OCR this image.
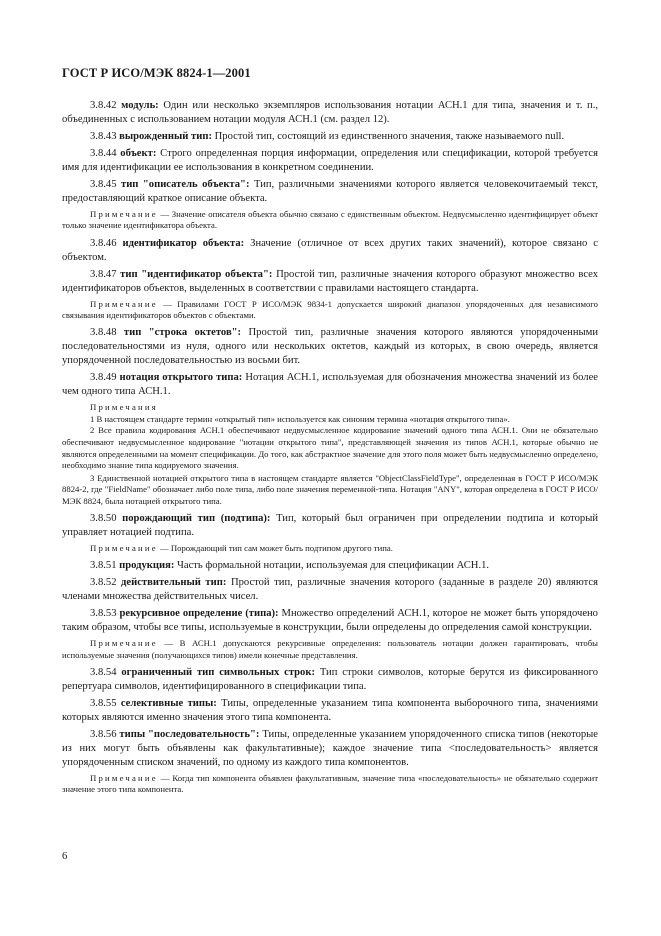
ГОСТ Р ИСО/МЭК 8824-1—2001

3.8.42 модуль: Один или несколько экземпляров использования нотации АСН.1 для типа, значения и т. п., объединенных с использованием нотации модуля АСН.1 (см. раздел 12).

3.8.43 вырожденный тип: Простой тип, состоящий из единственного значения, также называемого null.

3.8.44 объект: Строго определенная порция информации, определения или спецификации, которой требуется имя для идентификации ее использования в конкретном соединении.

3.8.45 тип "описатель объекта": Тип, различными значениями которого является человекочитаемый текст, предоставляющий краткое описание объекта.

Примечание — Значение описателя объекта обычно связано с единственным объектом. Недвусмысленно идентифицирует объект только значение идентификатора объекта.

3.8.46 идентификатор объекта: Значение (отличное от всех других таких значений), которое связано с объектом.

3.8.47 тип "идентификатор объекта": Простой тип, различные значения которого образуют множество всех идентификаторов объектов, выделенных в соответствии с правилами настоящего стандарта.

Примечание — Правилами ГОСТ Р ИСО/МЭК 9834-1 допускается широкий диапазон упорядоченных для независимого связывания идентификаторов объектов с объектами.

3.8.48 тип "строка октетов": Простой тип, различные значения которого являются упорядоченными последовательностями из нуля, одного или нескольких октетов, каждый из которых, в свою очередь, является упорядоченной последовательностью из восьми бит.

3.8.49 нотация открытого типа: Нотация АСН.1, используемая для обозначения множества значений из более чем одного типа АСН.1.

Примечания

1 В настоящем стандарте термин «открытый тип» используется как синоним термина «нотация открытого типа».

2 Все правила кодирования АСН.1 обеспечивают недвусмысленное кодирование значений одного типа АСН.1. Они не обязательно обеспечивают недвусмысленное кодирование "нотации открытого типа", представляющей значения из типов АСН.1, которые обычно не являются определенными на момент спецификации. До того, как абстрактное значение для этого поля может быть недвусмысленно определено, необходимо знание типа кодируемого значения.

3 Единственной нотацией открытого типа в настоящем стандарте является "ObjectClassFieldType", определенная в ГОСТ Р ИСО/МЭК 8824-2, где "FieldName" обозначает либо поле типа, либо поле значения переменной-типа. Нотация "ANY", которая определена в ГОСТ Р ИСО/МЭК 8824, была нотацией открытого типа.

3.8.50 порождающий тип (подтипа): Тип, который был ограничен при определении подтипа и который управляет нотацией подтипа.

Примечание — Порождающий тип сам может быть подтипом другого типа.

3.8.51 продукция: Часть формальной нотации, используемая для спецификации АСН.1.

3.8.52 действительный тип: Простой тип, различные значения которого (заданные в разделе 20) являются членами множества действительных чисел.

3.8.53 рекурсивное определение (типа): Множество определений АСН.1, которое не может быть упорядочено таким образом, чтобы все типы, используемые в конструкции, были определены до определения самой конструкции.

Примечание — В АСН.1 допускаются рекурсивные определения: пользователь нотации должен гарантировать, чтобы используемые значения (получающихся типов) имели конечные представления.

3.8.54 ограниченный тип символьных строк: Тип строки символов, которые берутся из фиксированного репертуара символов, идентифицированного в спецификации типа.

3.8.55 селективные типы: Типы, определенные указанием типа компонента выборочного типа, значениями которых являются именно значения этого типа компонента.

3.8.56 типы "последовательность": Типы, определенные указанием упорядоченного списка типов (некоторые из них могут быть объявлены как факультативные); каждое значение типа <последовательность> является упорядоченным списком значений, по одному из каждого типа компонентов.

Примечание — Когда тип компонента объявлен факультативным, значение типа «последовательность» не обязательно содержит значение этого типа компонента.

6
